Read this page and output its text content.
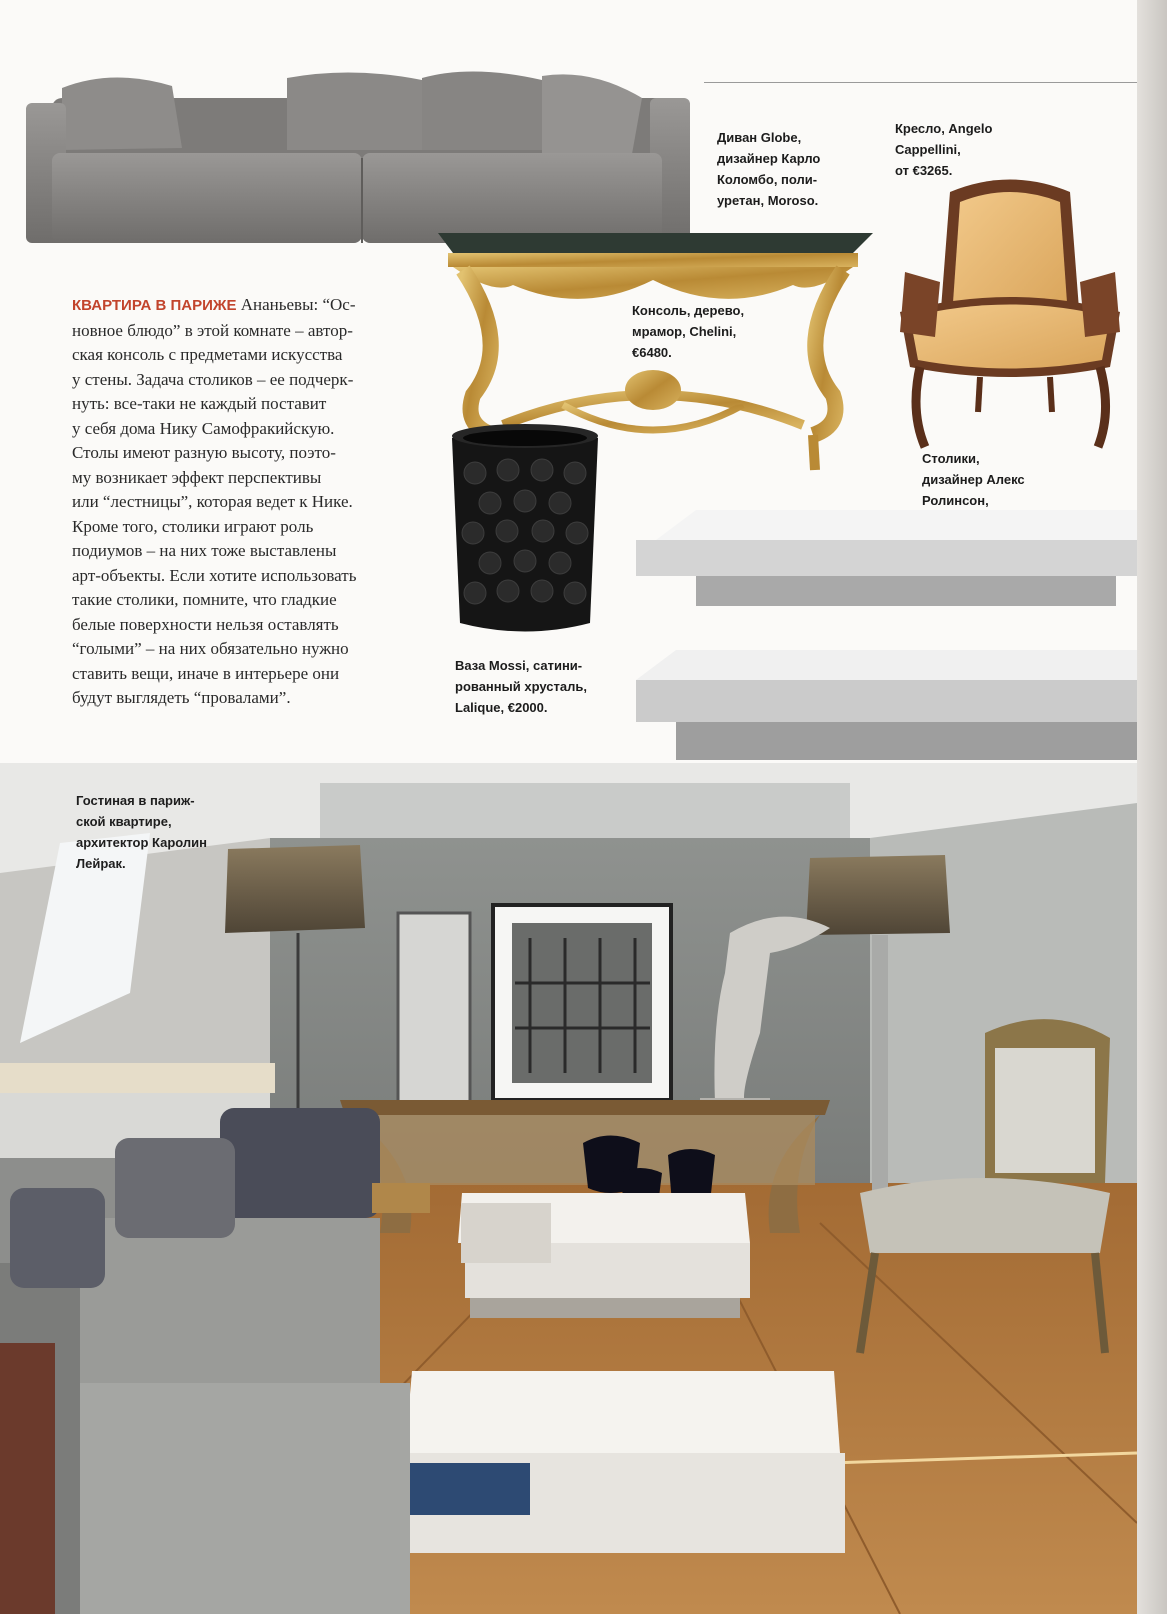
Диван Globe,
дизайнер Карло
Коломбо, поли-
уретан, Moroso.
Кресло, Angelo
Cappellini,
от €3265.
Консоль, дерево,
мрамор, Chelini,
€6480.
КВАРТИРА В ПАРИЖЕ Ананьевы: “Ос-
новное блюдо” в этой комнате – автор-
ская консоль с предметами искусства
у стены. Задача столиков – ее подчерк-
нуть: все-таки не каждый поставит
у себя дома Нику Самофракийскую.
Столы имеют разную высоту, поэто-
му возникает эффект перспективы
или “лестницы”, которая ведет к Нике.
Кроме того, столики играют роль
подиумов – на них тоже выставлены
арт-объекты. Если хотите использовать
такие столики, помните, что гладкие
белые поверхности нельзя оставлять
“голыми” – на них обязательно нужно
ставить вещи, иначе в интерьере они
будут выглядеть “провалами”.
Ваза Mossi, сатини-
рованный хрусталь,
Lalique, €2000.
Столики,
дизайнер Алекс
Ролинсон,

Гостиная в париж-
ской квартире,
архитектор Каролин
Лейрак.
